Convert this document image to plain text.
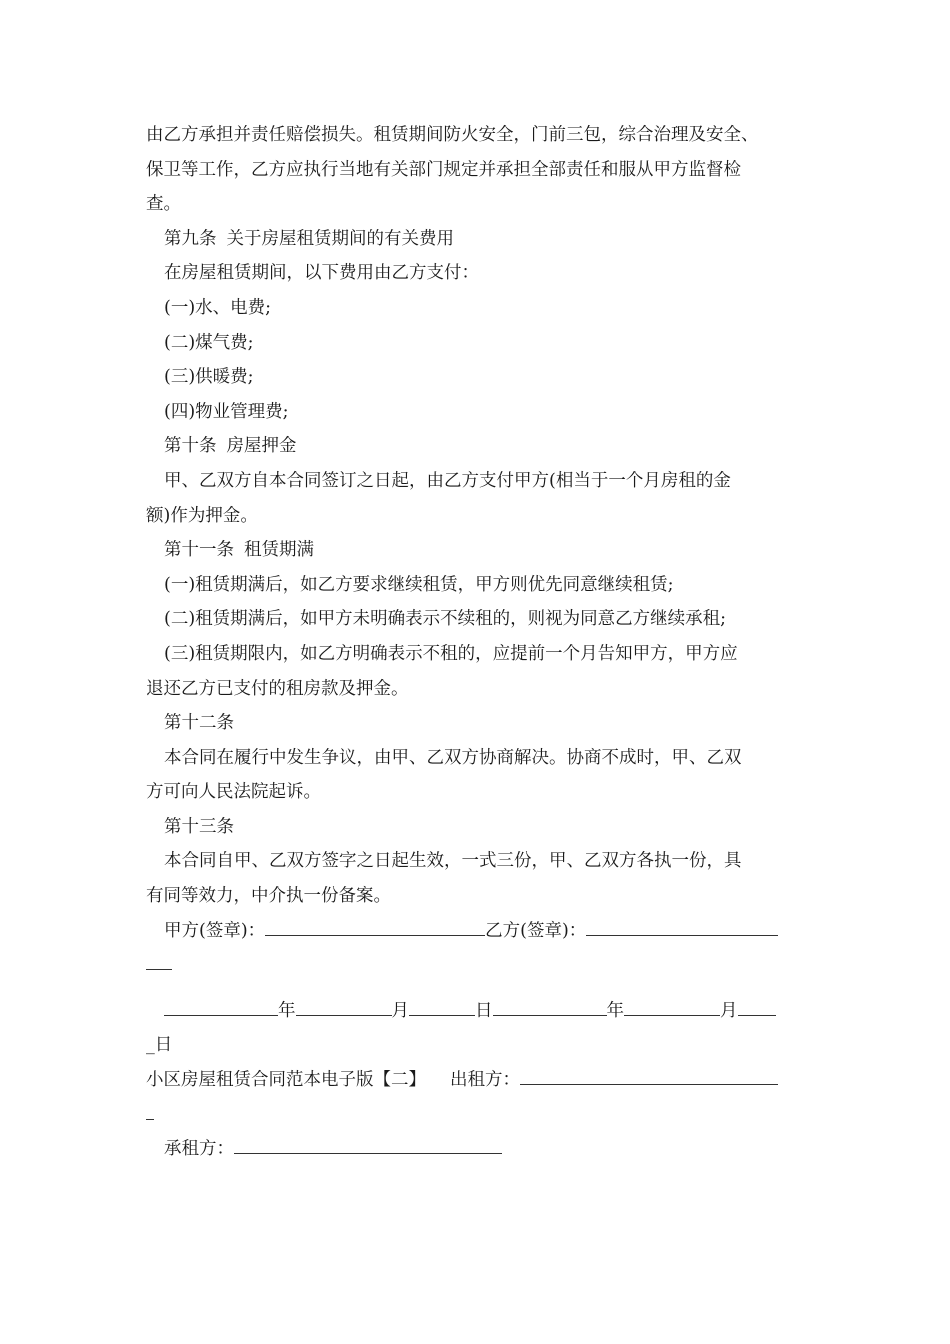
由乙方承担并责任赔偿损失。租赁期间防火安全，门前三包，综合治理及安全、
保卫等工作，乙方应执行当地有关部门规定并承担全部责任和服从甲方监督检
查。
第九条 关于房屋租赁期间的有关费用
在房屋租赁期间，以下费用由乙方支付：
(一)水、电费;
(二)煤气费;
(三)供暖费;
(四)物业管理费;
第十条 房屋押金
甲、乙双方自本合同签订之日起，由乙方支付甲方(相当于一个月房租的金
额)作为押金。
第十一条 租赁期满
(一)租赁期满后，如乙方要求继续租赁，甲方则优先同意继续租赁;
(二)租赁期满后，如甲方未明确表示不续租的，则视为同意乙方继续承租;
(三)租赁期限内，如乙方明确表示不租的，应提前一个月告知甲方，甲方应
退还乙方已支付的租房款及押金。
第十二条
本合同在履行中发生争议，由甲、乙双方协商解决。协商不成时，甲、乙双
方可向人民法院起诉。
第十三条
本合同自甲、乙双方签字之日起生效，一式三份，甲、乙双方各执一份，具
有同等效力，中介执一份备案。
甲方(签章)：	乙方(签章)：
年	月	日	年	月
_日
小区房屋租赁合同范本电子版【二】 出租方：
承租方：
